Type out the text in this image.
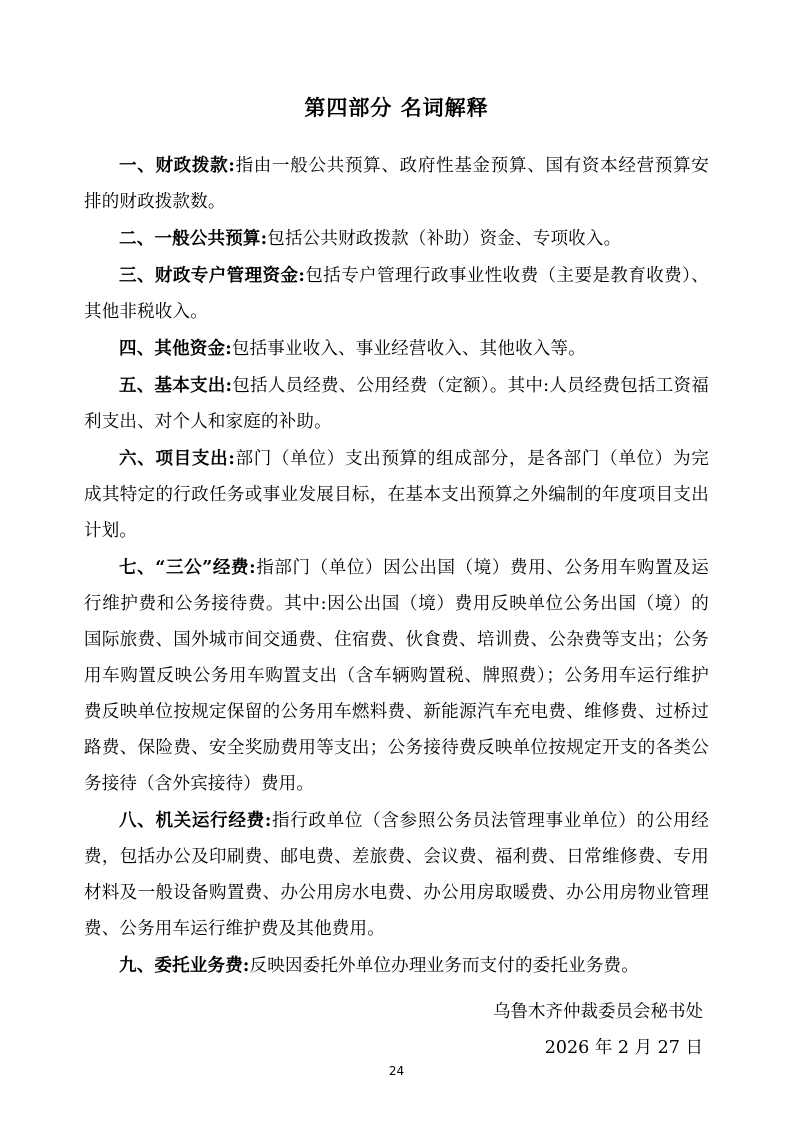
第四部分 名词解释

一、财政拨款:指由一般公共预算、政府性基金预算、国有资本经营预算安排的财政拨款数。

二、一般公共预算:包括公共财政拨款（补助）资金、专项收入。

三、财政专户管理资金:包括专户管理行政事业性收费（主要是教育收费）、其他非税收入。

四、其他资金:包括事业收入、事业经营收入、其他收入等。

五、基本支出:包括人员经费、公用经费（定额）。其中:人员经费包括工资福利支出、对个人和家庭的补助。

六、项目支出:部门（单位）支出预算的组成部分，是各部门（单位）为完成其特定的行政任务或事业发展目标，在基本支出预算之外编制的年度项目支出计划。

七、“三公”经费:指部门（单位）因公出国（境）费用、公务用车购置及运行维护费和公务接待费。其中:因公出国（境）费用反映单位公务出国（境）的国际旅费、国外城市间交通费、住宿费、伙食费、培训费、公杂费等支出；公务用车购置反映公务用车购置支出（含车辆购置税、牌照费）；公务用车运行维护费反映单位按规定保留的公务用车燃料费、新能源汽车充电费、维修费、过桥过路费、保险费、安全奖励费用等支出；公务接待费反映单位按规定开支的各类公务接待（含外宾接待）费用。

八、机关运行经费:指行政单位（含参照公务员法管理事业单位）的公用经费，包括办公及印刷费、邮电费、差旅费、会议费、福利费、日常维修费、专用材料及一般设备购置费、办公用房水电费、办公用房取暖费、办公用房物业管理费、公务用车运行维护费及其他费用。

九、委托业务费:反映因委托外单位办理业务而支付的委托业务费。

乌鲁木齐仲裁委员会秘书处

2026 年 2 月 27 日

24
